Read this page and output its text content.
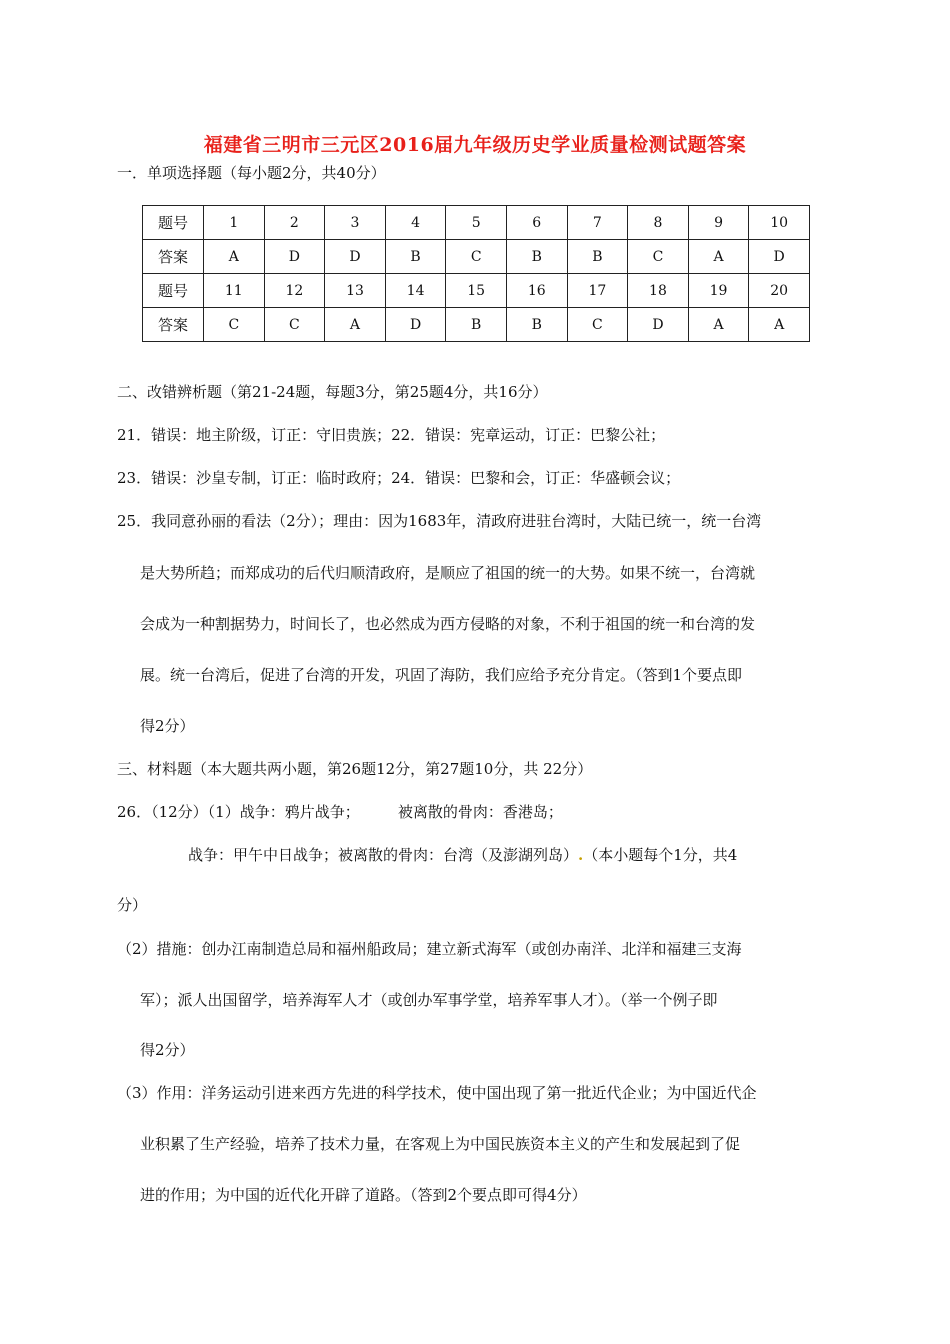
福建省三明市三元区2016届九年级历史学业质量检测试题答案
一．单项选择题（每小题2分，共40分）
题号	1	2	3	4	5	6	7	8	9	10
答案	A	D	D	B	C	B	B	C	A	D
题号	11	12	13	14	15	16	17	18	19	20
答案	C	C	A	D	B	B	C	D	A	A
二、改错辨析题（第21-24题，每题3分，第25题4分，共16分）
21．错误：地主阶级，订正：守旧贵族；22．错误：宪章运动，订正：巴黎公社；
23．错误：沙皇专制，订正：临时政府；24．错误：巴黎和会，订正：华盛顿会议；
25．我同意孙丽的看法（2分）；理由：因为1683年，清政府进驻台湾时，大陆已统一，统一台湾
是大势所趋；而郑成功的后代归顺清政府，是顺应了祖国的统一的大势。如果不统一，台湾就
会成为一种割据势力，时间长了，也必然成为西方侵略的对象，不利于祖国的统一和台湾的发
展。统一台湾后，促进了台湾的开发，巩固了海防，我们应给予充分肯定。（答到1个要点即
得2分）
三、材料题（本大题共两小题，第26题12分，第27题10分，共 22分）
26．（12分）（1）战争：鸦片战争；        被离散的骨肉：香港岛；
战争：甲午中日战争；被离散的骨肉：台湾（及澎湖列岛）.（本小题每个1分，共4
分）
（2）措施：创办江南制造总局和福州船政局；建立新式海军（或创办南洋、北洋和福建三支海
军）；派人出国留学，培养海军人才（或创办军事学堂，培养军事人才）。（举一个例子即
得2分）
（3）作用：洋务运动引进来西方先进的科学技术，使中国出现了第一批近代企业；为中国近代企
业积累了生产经验，培养了技术力量，在客观上为中国民族资本主义的产生和发展起到了促
进的作用；为中国的近代化开辟了道路。（答到2个要点即可得4分）
